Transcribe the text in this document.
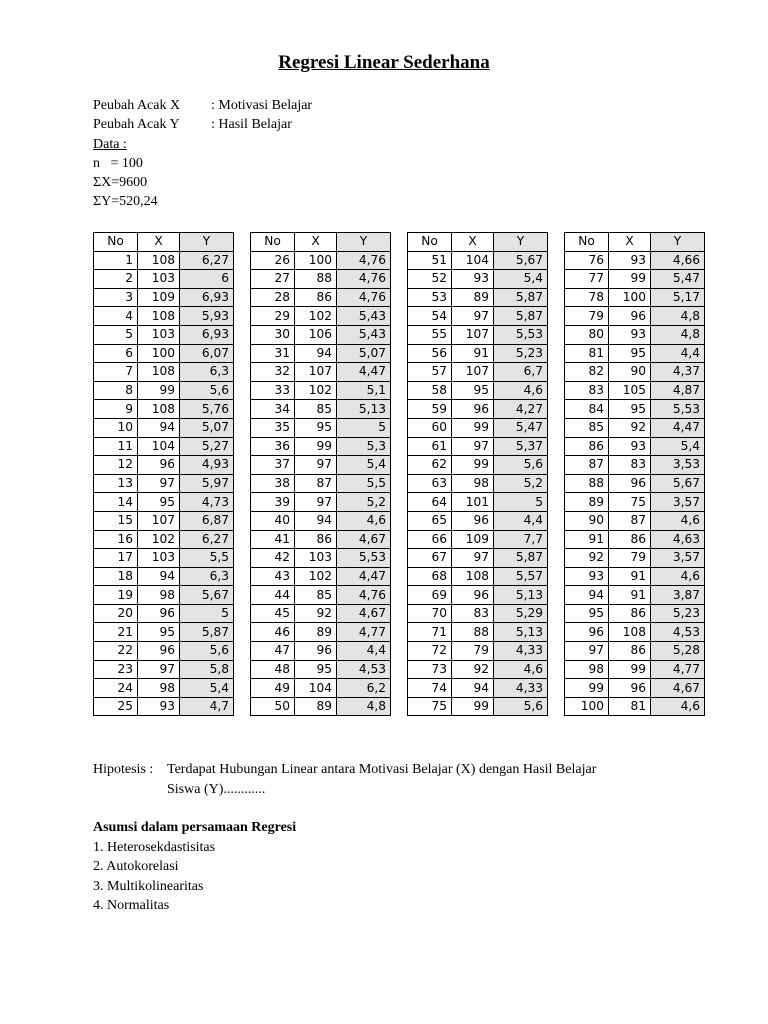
Regresi Linear Sederhana
Peubah Acak X	: Motivasi Belajar
Peubah Acak Y	: Hasil Belajar
Data :
n   = 100
ΣX=9600
ΣY=520,24
No	X	Y
1	108	6,27
2	103	6
3	109	6,93
4	108	5,93
5	103	6,93
6	100	6,07
7	108	6,3
8	99	5,6
9	108	5,76
10	94	5,07
11	104	5,27
12	96	4,93
13	97	5,97
14	95	4,73
15	107	6,87
16	102	6,27
17	103	5,5
18	94	6,3
19	98	5,67
20	96	5
21	95	5,87
22	96	5,6
23	97	5,8
24	98	5,4
25	93	4,7
No	X	Y
26	100	4,76
27	88	4,76
28	86	4,76
29	102	5,43
30	106	5,43
31	94	5,07
32	107	4,47
33	102	5,1
34	85	5,13
35	95	5
36	99	5,3
37	97	5,4
38	87	5,5
39	97	5,2
40	94	4,6
41	86	4,67
42	103	5,53
43	102	4,47
44	85	4,76
45	92	4,67
46	89	4,77
47	96	4,4
48	95	4,53
49	104	6,2
50	89	4,8
No	X	Y
51	104	5,67
52	93	5,4
53	89	5,87
54	97	5,87
55	107	5,53
56	91	5,23
57	107	6,7
58	95	4,6
59	96	4,27
60	99	5,47
61	97	5,37
62	99	5,6
63	98	5,2
64	101	5
65	96	4,4
66	109	7,7
67	97	5,87
68	108	5,57
69	96	5,13
70	83	5,29
71	88	5,13
72	79	4,33
73	92	4,6
74	94	4,33
75	99	5,6
No	X	Y
76	93	4,66
77	99	5,47
78	100	5,17
79	96	4,8
80	93	4,8
81	95	4,4
82	90	4,37
83	105	4,87
84	95	5,53
85	92	4,47
86	93	5,4
87	83	3,53
88	96	5,67
89	75	3,57
90	87	4,6
91	86	4,63
92	79	3,57
93	91	4,6
94	91	3,87
95	86	5,23
96	108	4,53
97	86	5,28
98	99	4,77
99	96	4,67
100	81	4,6
Hipotesis : Terdapat Hubungan Linear antara Motivasi Belajar (X) dengan Hasil Belajar
Siswa (Y)............
Asumsi dalam persamaan Regresi
1. Heterosekdastisitas
2. Autokorelasi
3. Multikolinearitas
4. Normalitas
